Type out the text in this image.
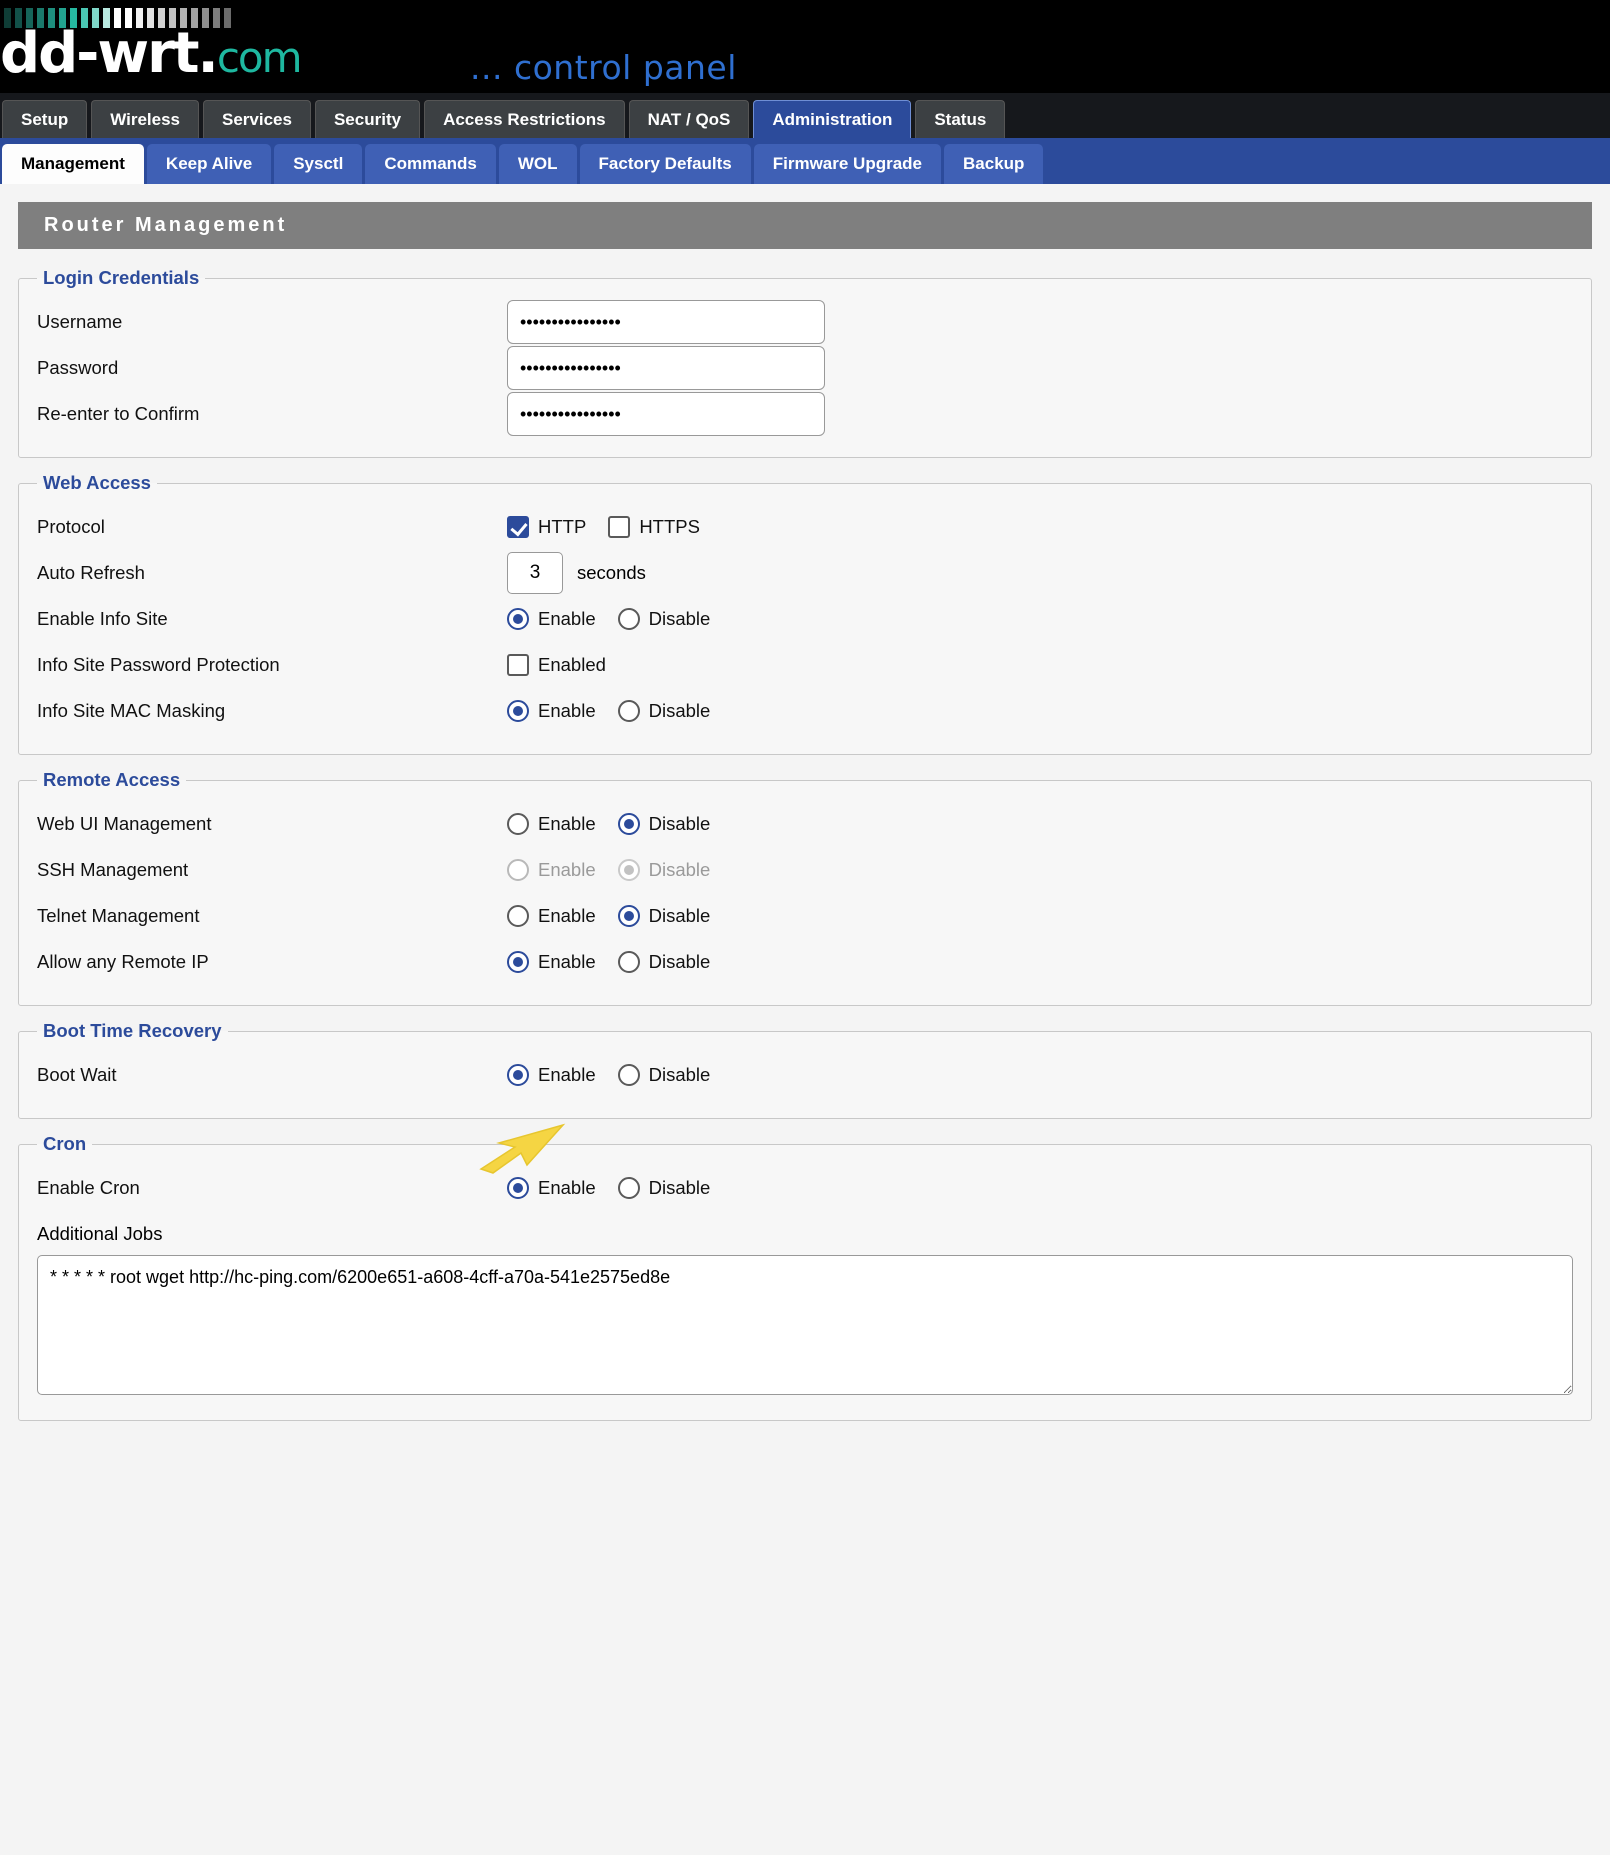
dd-wrt.com	... control panel
Setup	Wireless	Services	Security	Access Restrictions	NAT / QoS	Administration	Status
Management	Keep Alive	Sysctl	Commands	WOL	Factory Defaults	Firmware Upgrade	Backup
Router Management
Login Credentials
Username
••••••••••••••••
Password
••••••••••••••••
Re-enter to Confirm
••••••••••••••••
Web Access
Protocol	HTTP	HTTPS
Auto Refresh
3	seconds
Enable Info Site	Enable	Disable
Info Site Password Protection	Enabled
Info Site MAC Masking	Enable	Disable
Remote Access
Web UI Management	Enable	Disable
SSH Management	Enable	Disable
Telnet Management	Enable	Disable
Allow any Remote IP	Enable	Disable
Boot Time Recovery
Boot Wait	Enable	Disable
Cron
Enable Cron	Enable	Disable
Additional Jobs
* * * * * root wget http://hc-ping.com/6200e651-a608-4cff-a70a-541e2575ed8e
